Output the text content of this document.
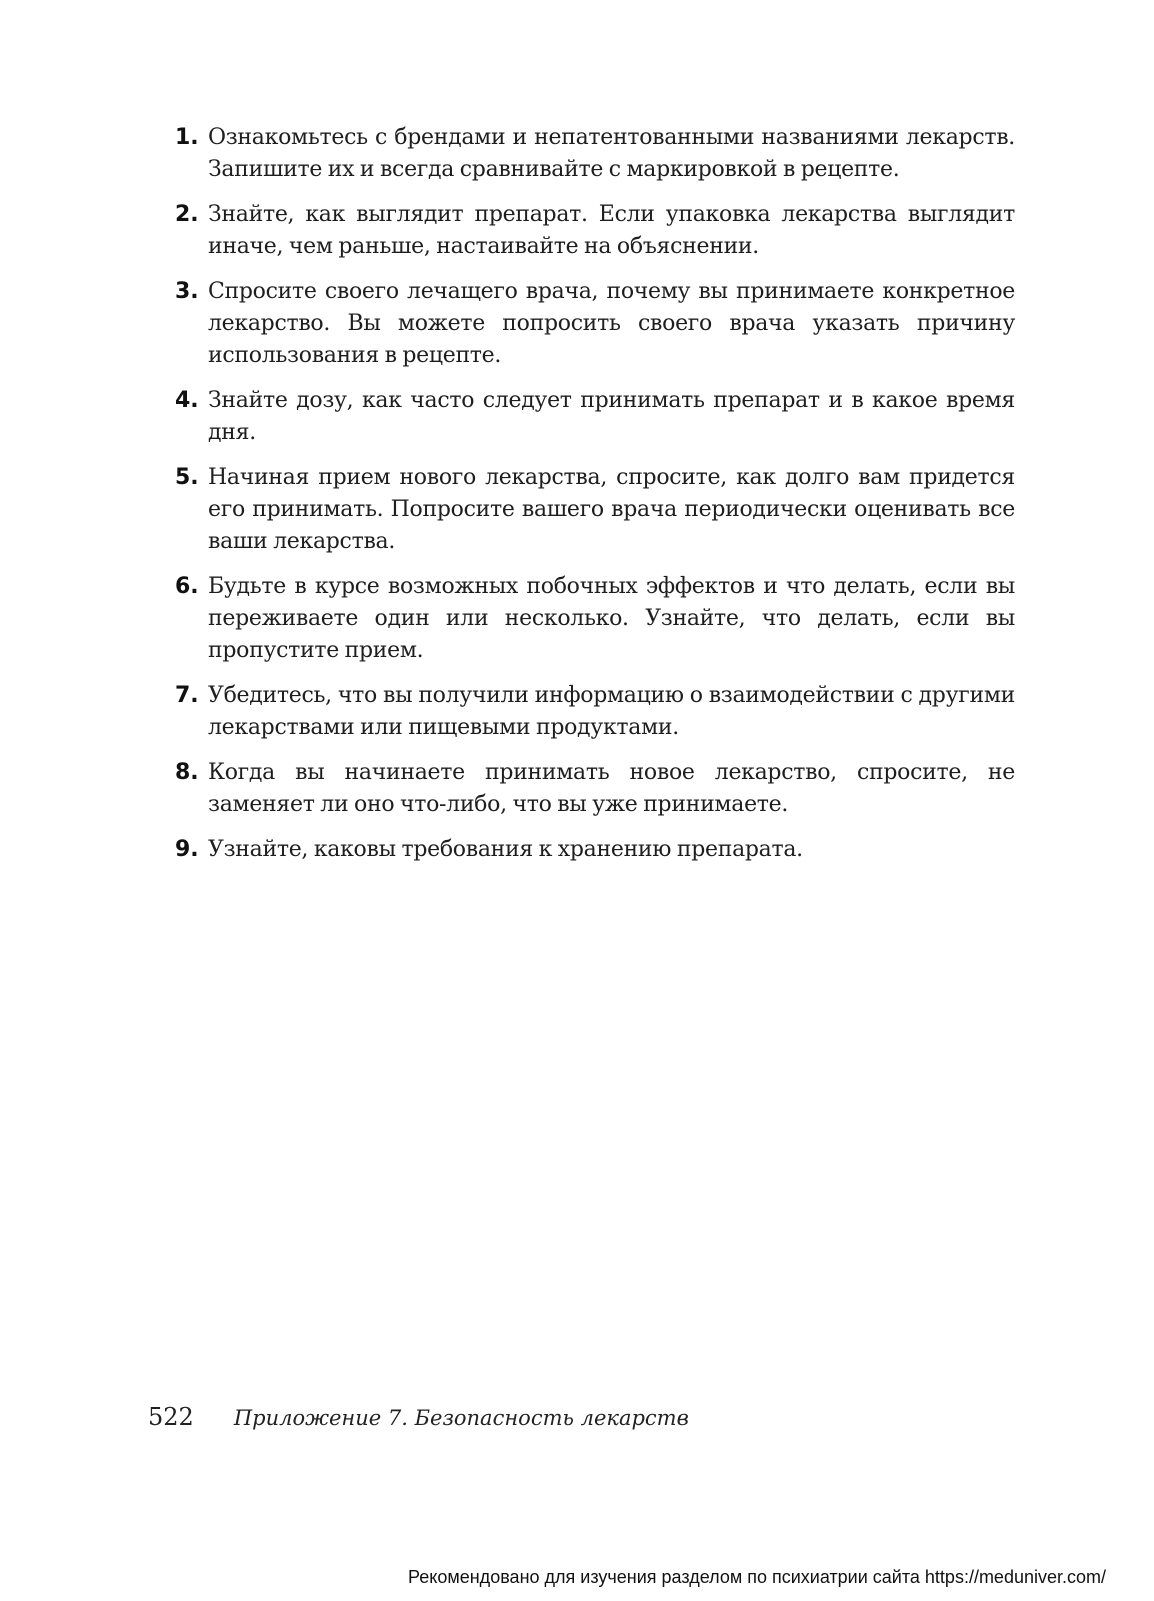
1. Ознакомьтесь с брендами и непатентованными названиями лекарств. Запишите их и всегда сравнивайте с маркировкой в рецепте.
2. Знайте, как выглядит препарат. Если упаковка лекарства выглядит иначе, чем раньше, настаивайте на объяснении.
3. Спросите своего лечащего врача, почему вы принимаете конкретное лекарство. Вы можете попросить своего врача указать причину использования в рецепте.
4. Знайте дозу, как часто следует принимать препарат и в какое время дня.
5. Начиная прием нового лекарства, спросите, как долго вам придется его принимать. Попросите вашего врача периодически оценивать все ваши лекарства.
6. Будьте в курсе возможных побочных эффектов и что делать, если вы переживаете один или несколько. Узнайте, что делать, если вы пропустите прием.
7. Убедитесь, что вы получили информацию о взаимодействии с другими лекарствами или пищевыми продуктами.
8. Когда вы начинаете принимать новое лекарство, спросите, не заменяет ли оно что-либо, что вы уже принимаете.
9. Узнайте, каковы требования к хранению препарата.
522 Приложение 7. Безопасность лекарств
Рекомендовано для изучения разделом по психиатрии сайта https://meduniver.com/
